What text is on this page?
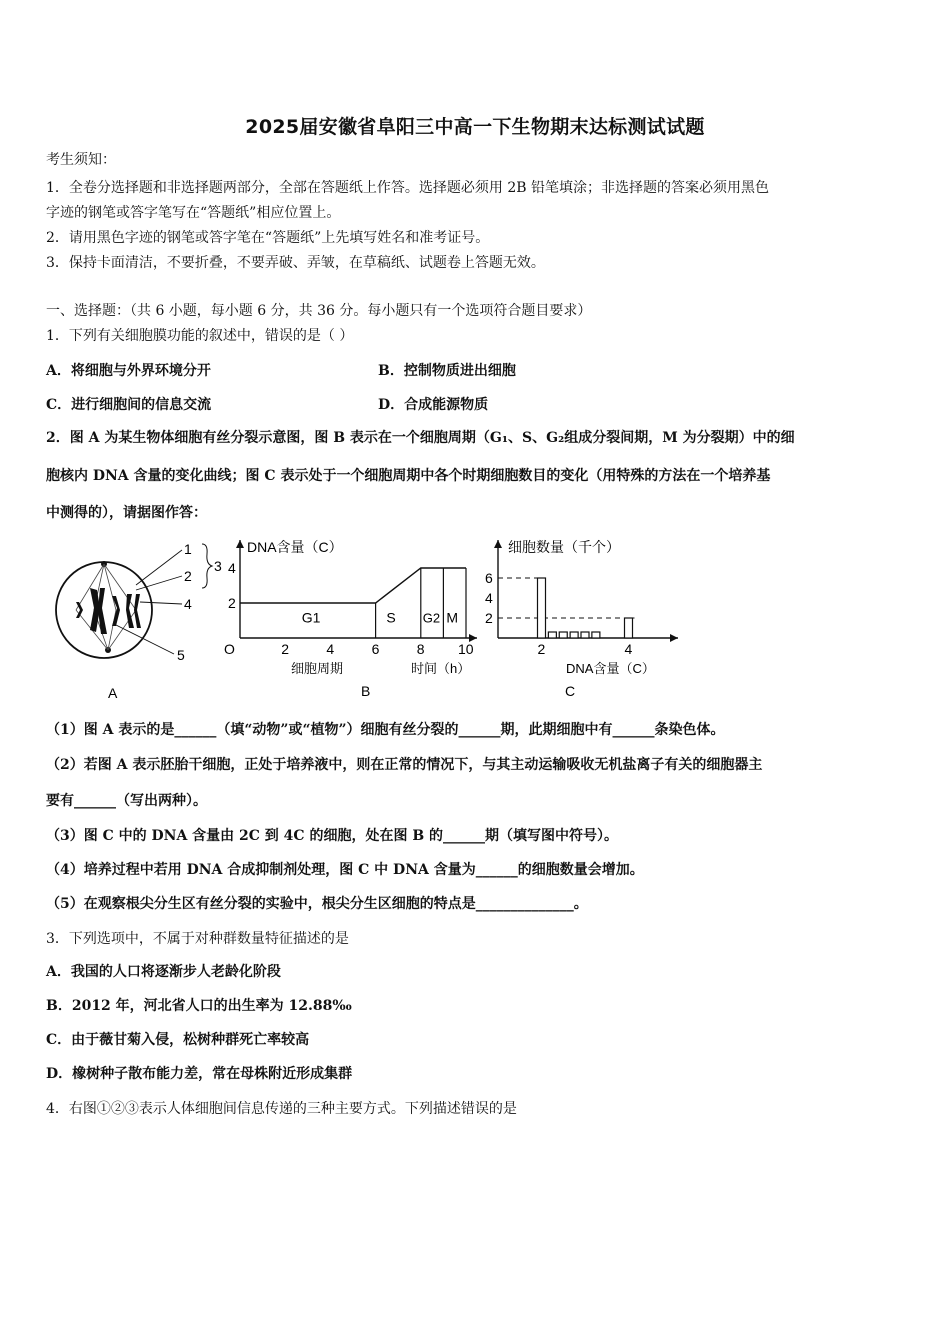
2025届安徽省阜阳三中高一下生物期末达标测试试题
考生须知：
1．全卷分选择题和非选择题两部分，全部在答题纸上作答。选择题必须用 2B 铅笔填涂；非选择题的答案必须用黑色
字迹的钢笔或答字笔写在“答题纸”相应位置上。
2．请用黑色字迹的钢笔或答字笔在“答题纸”上先填写姓名和准考证号。
3．保持卡面清洁，不要折叠，不要弄破、弄皱，在草稿纸、试题卷上答题无效。
一、选择题：（共 6 小题，每小题 6 分，共 36 分。每小题只有一个选项符合题目要求）
1．下列有关细胞膜功能的叙述中，错误的是（ ）
A．将细胞与外界环境分开	B．控制物质进出细胞
C．进行细胞间的信息交流	D．合成能源物质
2．图 A 为某生物体细胞有丝分裂示意图，图 B 表示在一个细胞周期（G₁、S、G₂组成分裂间期，M 为分裂期）中的细
胞核内 DNA 含量的变化曲线；图 C 表示处于一个细胞周期中各个时期细胞数目的变化（用特殊的方法在一个培养基
中测得的），请据图作答：
1
2
3
4
5
A
DNA含量（C）
B
细胞周期	时间（h）
4
2
O	2	4	6	8 10
G1	S G2 M
细胞数量（千个）
C
DNA含量（C）
6
4
2
2	4
（1）图 A 表示的是______（填“动物”或“植物”）细胞有丝分裂的______期，此期细胞中有______条染色体。
（2）若图 A 表示胚胎干细胞，正处于培养液中，则在正常的情况下，与其主动运输吸收无机盐离子有关的细胞器主
要有______（写出两种）。
（3）图 C 中的 DNA 含量由 2C 到 4C 的细胞，处在图 B 的______期（填写图中符号）。
（4）培养过程中若用 DNA 合成抑制剂处理，图 C 中 DNA 含量为______的细胞数量会增加。
（5）在观察根尖分生区有丝分裂的实验中，根尖分生区细胞的特点是______________。
3．下列选项中，不属于对种群数量特征描述的是
A．我国的人口将逐渐步人老龄化阶段
B．2012 年，河北省人口的出生率为 12.88‰
C．由于薇甘菊入侵，松树种群死亡率较高
D．橡树种子散布能力差，常在母株附近形成集群
4．右图①②③表示人体细胞间信息传递的三种主要方式。下列描述错误的是
